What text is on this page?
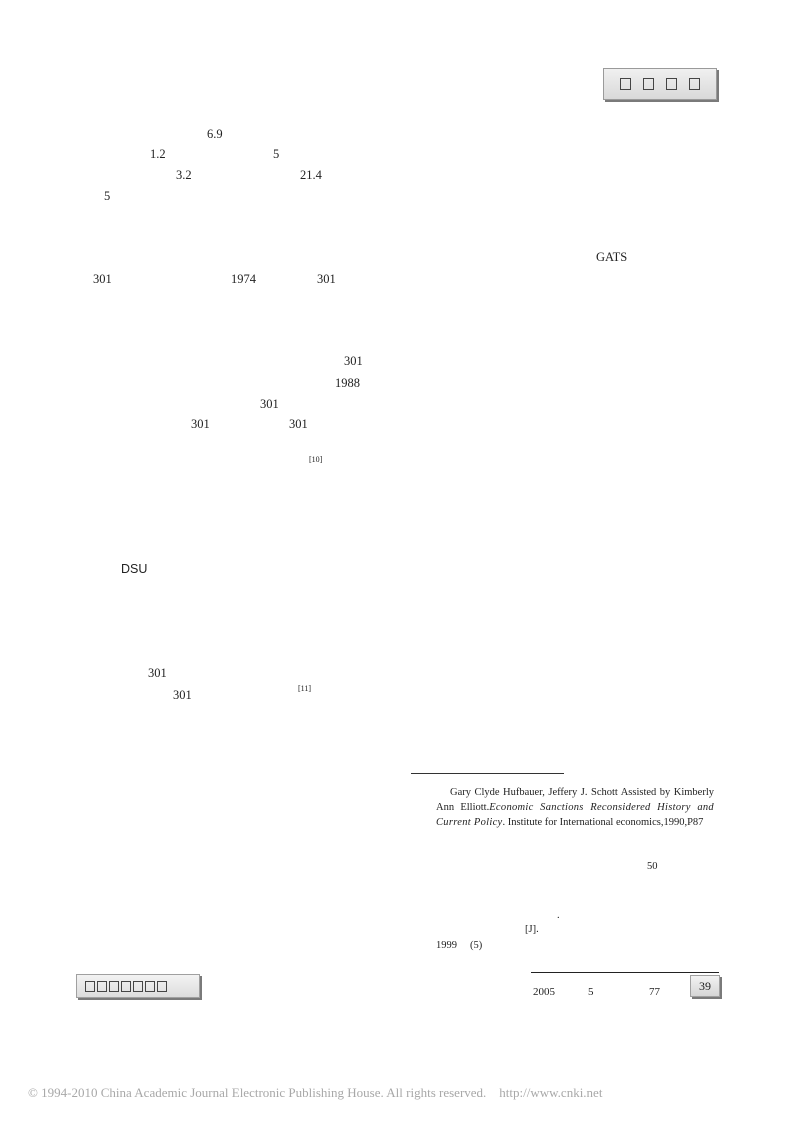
6.9
1.2	5
3.2	21.4
5
GATS
301	1974	301
301
1988
301
301	301
[10]
DSU
301
301	[11]
Gary Clyde Hufbauer, Jeffery J. Schott Assisted by Kimberly Ann Elliott.Economic Sanctions Reconsidered History and Current Policy. Institute for International economics,1990,P87
50
.
[J].
1999 (5)
2005	5	77	39
© 1994-2010 China Academic Journal Electronic Publishing House. All rights reserved. http://www.cnki.net
